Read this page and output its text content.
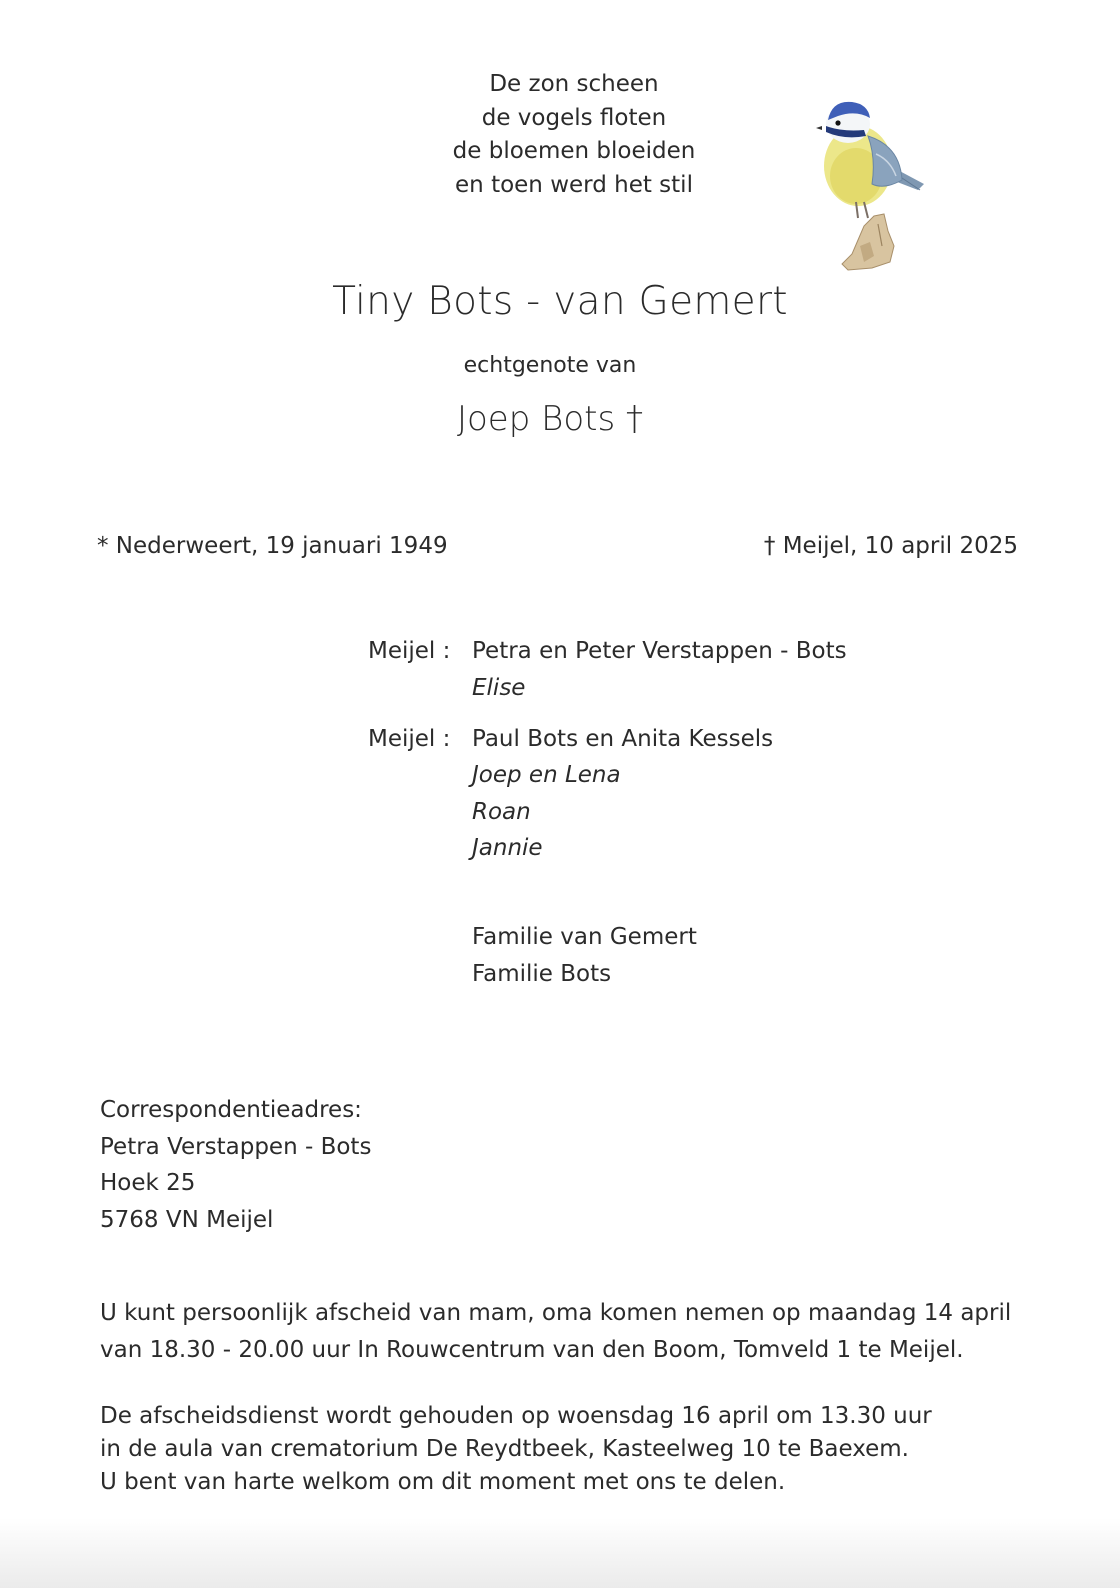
De zon scheen
de vogels floten
de bloemen bloeiden
en toen werd het stil
Tiny Bots - van Gemert
echtgenote van
Joep Bots †
* Nederweert, 19 januari 1949	† Meijel, 10 april 2025
Meijel : Petra en Peter Verstappen - Bots
Elise
Meijel : Paul Bots en Anita Kessels
Joep en Lena
Roan
Jannie
Familie van Gemert
Familie Bots
Correspondentieadres:
Petra Verstappen - Bots
Hoek 25
5768 VN Meijel
U kunt persoonlijk afscheid van mam, oma komen nemen op maandag 14 april
van 18.30 - 20.00 uur In Rouwcentrum van den Boom, Tomveld 1 te Meijel.
De afscheidsdienst wordt gehouden op woensdag 16 april om 13.30 uur
in de aula van crematorium De Reydtbeek, Kasteelweg 10 te Baexem.
U bent van harte welkom om dit moment met ons te delen.
